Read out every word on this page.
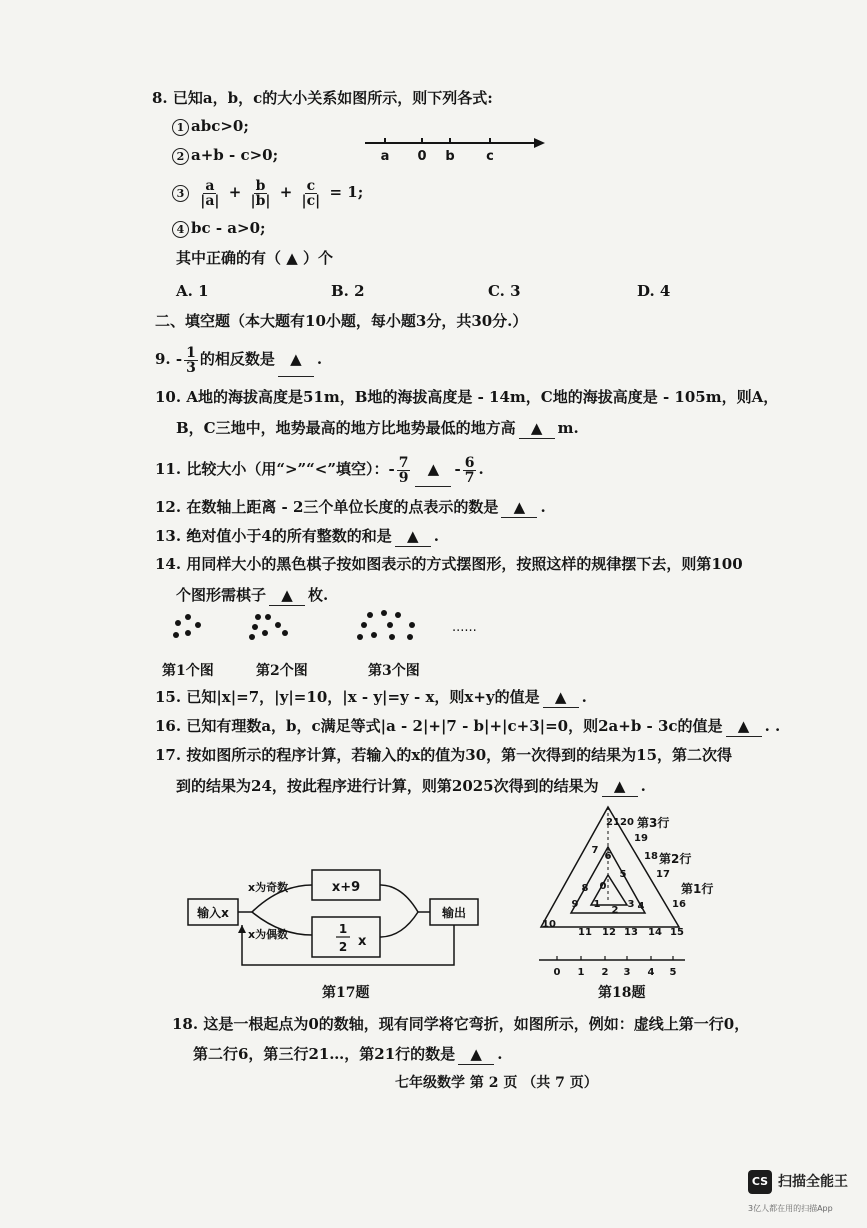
8. 已知a，b，c的大小关系如图所示，则下列各式:
1 abc>0;
2 a+b - c>0;
$3 \frac{a}{|a|} + \frac{b}{|b|} + \frac{c}{|c|} = 1$;
4 bc - a>0;
其中正确的有（ ▲ ）个
A. 1	B. 2	C. 3	D. 4
a 0 b c
二、填空题（本大题有10小题，每小题3分，共30分.）
9. - $\frac{1}{3}$ 的相反数是 ▲ .
10. A地的海拔高度是51m，B地的海拔高度是 - 14m，C地的海拔高度是 - 105m，则A，
B，C三地中，地势最高的地方比地势最低的地方高 ▲ m.
11. 比较大小（用“>”“<”填空）：- $\frac{7}{9}$ ▲ - $\frac{6}{7}$ .
12. 在数轴上距离 - 2三个单位长度的点表示的数是 ▲ .
13. 绝对值小于4的所有整数的和是 ▲ .
14. 用同样大小的黑色棋子按如图表示的方式摆图形，按照这样的规律摆下去，则第100
个图形需棋子 ▲ 枚.
......
第1个图	第2个图	第3个图
15. 已知|x|=7，|y|=10，|x - y|=y - x，则x+y的值是 ▲ .
16. 已知有理数a，b，c满足等式|a - 2|+|7 - b|+|c+3|=0，则2a+b - 3c的值是 ▲ . .
17. 按如图所示的程序计算，若输入的x的值为30，第一次得到的结果为15，第二次得
到的结果为24，按此程序进行计算，则第2025次得到的结果为 ▲ .
输入x
x为奇数
x为偶数
x+9
1
2 x
输出
第17题
0
1
2
3 4
5
6
7
8
9
10
11 12 13 14 15
16
17
18
19
20
21
0 1 2 3 4 5
第3行
第2行
第1行
第18题
18. 这是一根起点为0的数轴，现有同学将它弯折，如图所示，例如：虚线上第一行0，
第二行6，第三行21…，第21行的数是 ▲ .
七年级数学 第 2 页 （共 7 页）
CS 扫描全能王
3亿人都在用的扫描App
